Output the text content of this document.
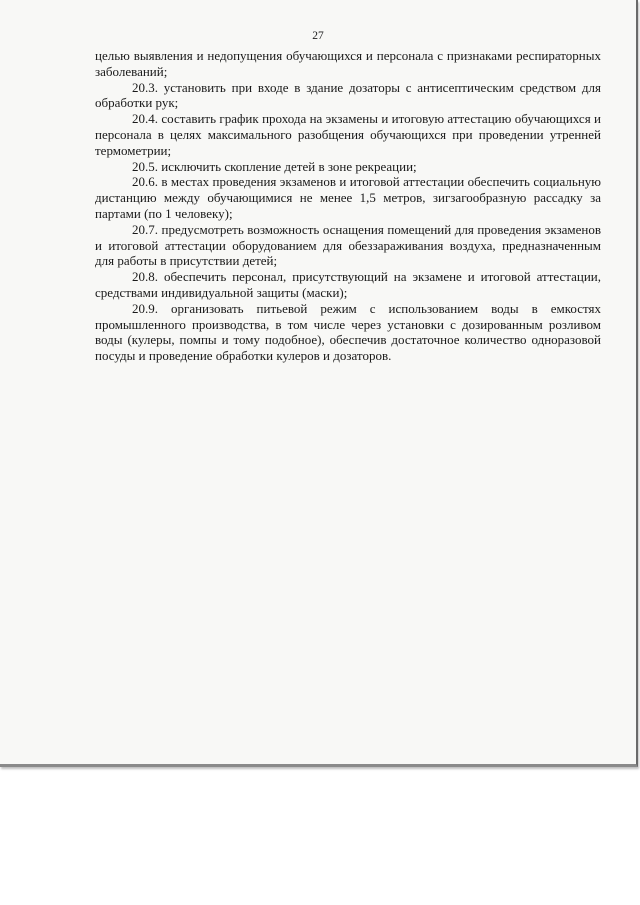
27

целью выявления и недопущения обучающихся и персонала с признаками респираторных заболеваний;

20.3. установить при входе в здание дозаторы с антисептическим средством для обработки рук;

20.4. составить график прохода на экзамены и итоговую аттестацию обучающихся и персонала в целях максимального разобщения обучающихся при проведении утренней термометрии;

20.5. исключить скопление детей в зоне рекреации;

20.6. в местах проведения экзаменов и итоговой аттестации обеспечить социальную дистанцию между обучающимися не менее 1,5 метров, зигзагообразную рассадку за партами (по 1 человеку);

20.7. предусмотреть возможность оснащения помещений для проведения экзаменов и итоговой аттестации оборудованием для обеззараживания воздуха, предназначенным для работы в присутствии детей;

20.8. обеспечить персонал, присутствующий на экзамене и итоговой аттестации, средствами индивидуальной защиты (маски);

20.9. организовать питьевой режим с использованием воды в емкостях промышленного производства, в том числе через установки с дозированным розливом воды (кулеры, помпы и тому подобное), обеспечив достаточное количество одноразовой посуды и проведение обработки кулеров и дозаторов.
